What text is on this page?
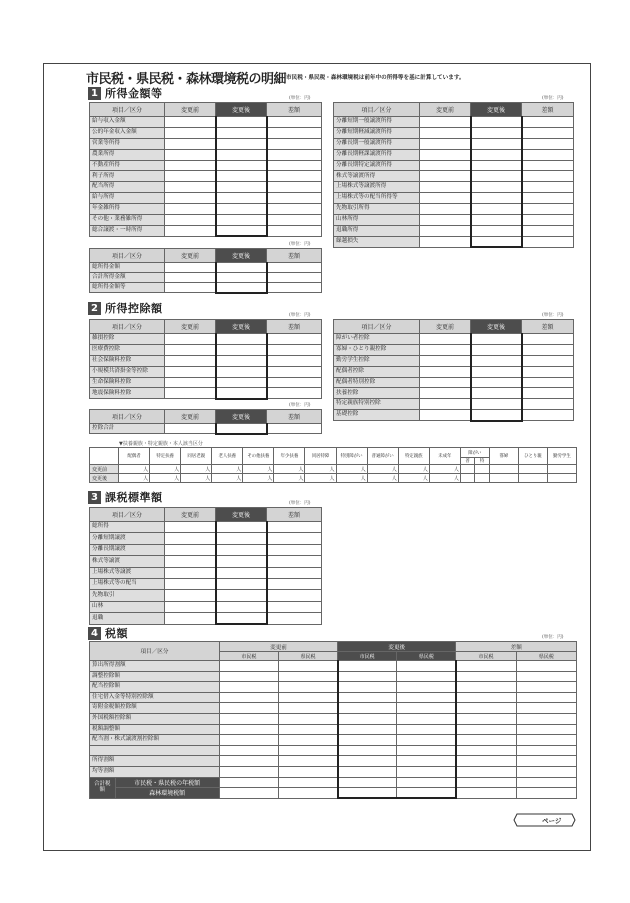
市民税・県民税・森林環境税の明細 市民税・県民税・森林環境税は前年中の所得等を基に計算しています。
1 所得金額等	(単位：円)	(単位：円)
項目／区分	変更前	変更後	差額
給与収入金額			
公的年金収入金額			
営業等所得			
農業所得			
不動産所得			
利子所得			
配当所得			
給与所得			
年金雑所得			
その他・業務雑所得			
総合譲渡・一時所得			
項目／区分	変更前	変更後	差額
分離短期一般譲渡所得			
分離短期軽減譲渡所得			
分離長期一般譲渡所得			
分離長期軽課譲渡所得			
分離長期特定譲渡所得			
株式等譲渡所得			
上場株式等譲渡所得			
上場株式等の配当所得等			
先物取引所得			
山林所得			
退職所得			
繰越損失			
(単位：円)
項目／区分	変更前	変更後	差額
総所得金額			
合計所得金額			
総所得金額等			
2 所得控除額
(単位：円)	(単位：円)
項目／区分	変更前	変更後	差額
雑損控除			
医療費控除			
社会保険料控除			
小規模共済掛金等控除			
生命保険料控除			
地震保険料控除			
項目／区分	変更前	変更後	差額
障がい者控除			
寡婦・ひとり親控除			
勤労学生控除			
配偶者控除			
配偶者特別控除			
扶養控除			
特定親族特別控除			
基礎控除			
(単位：円)
項目／区分	変更前	変更後	差額
控除合計			
▼扶養親族・特定親族・本人該当区分
	配偶者	特定扶養	同居老親	老人扶養	その他扶養	年少扶養	同居特障	特別障がい	普通障がい	特定親族	未成年	障がい		寡婦	ひとり親	勤労学生
												普	特			
変更前	人	人	人	人	人	人	人	人	人	人	人					
変更後	人	人	人	人	人	人	人	人	人	人	人					
3 課税標準額	(単位：円)
項目／区分	変更前	変更後	差額
総所得			
分離短期譲渡			
分離長期譲渡			
株式等譲渡			
上場株式等譲渡			
上場株式等の配当			
先物取引			
山林			
退職			
4 税額	(単位：円)
項目／区分		変更前		変更後		差額	
		市民税	県民税	市民税	県民税	市民税	県民税
算出所得割額							
調整控除額							
配当控除額							
住宅借入金等特別控除額							
寄附金税額控除額							
外国税額控除額							
税額調整額							
配当割・株式譲渡割控除額							

所得割額							
均等割額							
合計税額	市民税・県民税の年税額						
	森林環境税額						
ページ
